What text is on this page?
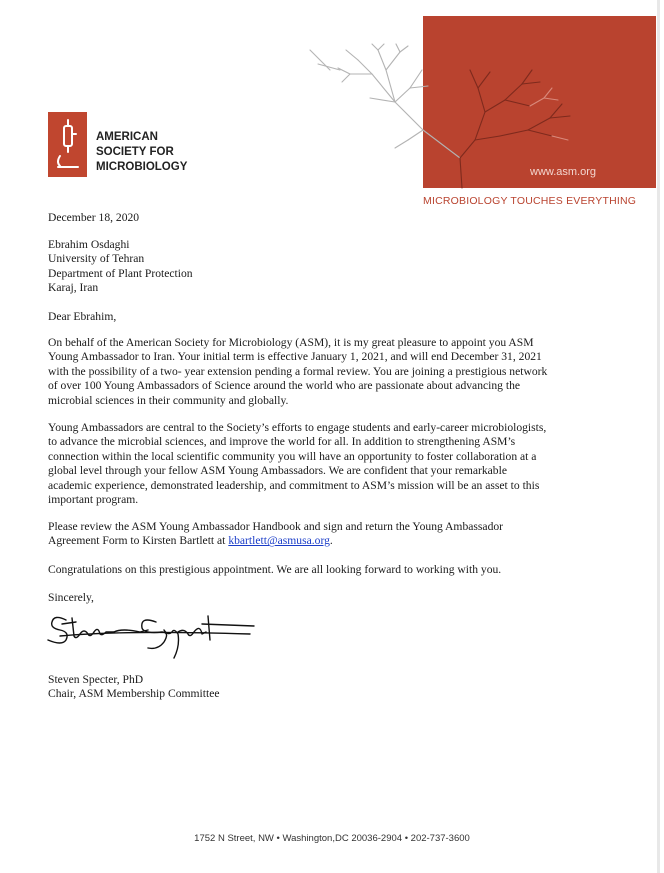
www.asm.org
MICROBIOLOGY TOUCHES EVERYTHING
AMERICAN
SOCIETY FOR
MICROBIOLOGY
December 18, 2020
Ebrahim Osdaghi
University of Tehran
Department of Plant Protection
Karaj, Iran
Dear Ebrahim,
On behalf of the American Society for Microbiology (ASM), it is my great pleasure to appoint you ASM
Young Ambassador to Iran. Your initial term is effective January 1, 2021, and will end December 31, 2021
with the possibility of a two- year extension pending a formal review. You are joining a prestigious network
of over 100 Young Ambassadors of Science around the world who are passionate about advancing the
microbial sciences in their community and globally.
Young Ambassadors are central to the Society’s efforts to engage students and early-career microbiologists,
to advance the microbial sciences, and improve the world for all. In addition to strengthening ASM’s
connection within the local scientific community you will have an opportunity to foster collaboration at a
global level through your fellow ASM Young Ambassadors. We are confident that your remarkable
academic experience, demonstrated leadership, and commitment to ASM’s mission will be an asset to this
important program.
Please review the ASM Young Ambassador Handbook and sign and return the Young Ambassador
Agreement Form to Kirsten Bartlett at kbartlett@asmusa.org.
Congratulations on this prestigious appointment. We are all looking forward to working with you.
Sincerely,
Steven Specter, PhD
Chair, ASM Membership Committee
1752 N Street, NW • Washington,DC 20036-2904 • 202-737-3600
